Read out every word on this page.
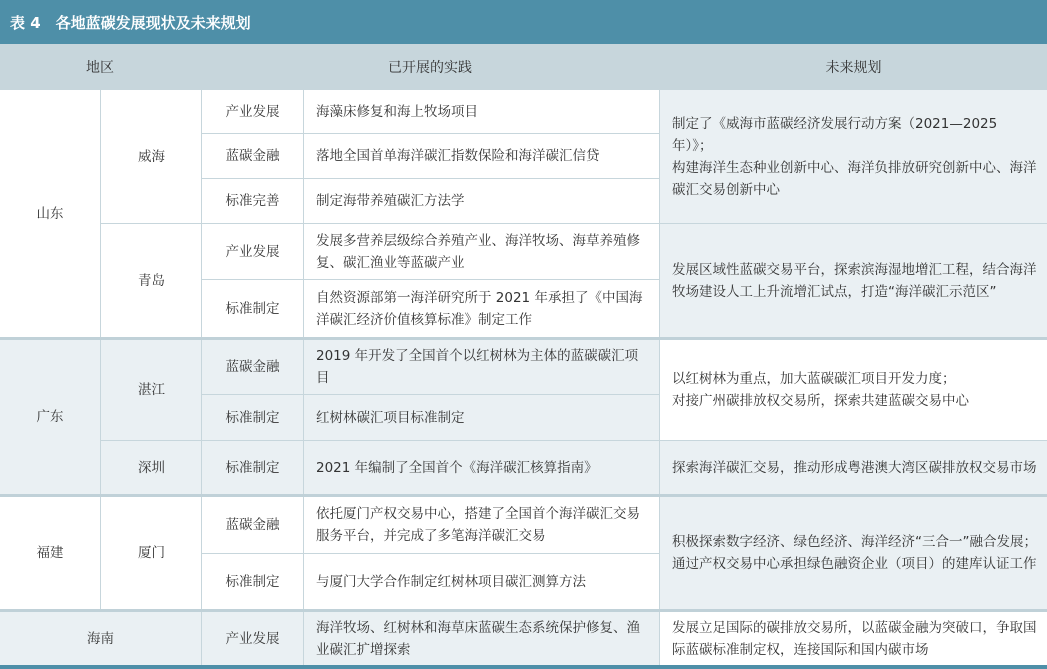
表 4　各地蓝碳发展现状及未来规划
地区	已开展的实践	未来规划
山东
广东
福建
海南
威海
青岛
湛江
深圳
厦门
产业发展
蓝碳金融
标准完善
产业发展
标准制定
蓝碳金融
标准制定
标准制定
蓝碳金融
标准制定
产业发展
海藻床修复和海上牧场项目
落地全国首单海洋碳汇指数保险和海洋碳汇信贷
制定海带养殖碳汇方法学
发展多营养层级综合养殖产业、海洋牧场、海草养殖修复、碳汇渔业等蓝碳产业
自然资源部第一海洋研究所于 2021 年承担了《中国海洋碳汇经济价值核算标准》制定工作
2019 年开发了全国首个以红树林为主体的蓝碳碳汇项目
红树林碳汇项目标准制定
2021 年编制了全国首个《海洋碳汇核算指南》
依托厦门产权交易中心，搭建了全国首个海洋碳汇交易服务平台，并完成了多笔海洋碳汇交易
与厦门大学合作制定红树林项目碳汇测算方法
海洋牧场、红树林和海草床蓝碳生态系统保护修复、渔业碳汇扩增探索
制定了《威海市蓝碳经济发展行动方案（2021—2025 年）》；
构建海洋生态种业创新中心、海洋负排放研究创新中心、海洋碳汇交易创新中心
发展区域性蓝碳交易平台，探索滨海湿地增汇工程，结合海洋牧场建设人工上升流增汇试点，打造“海洋碳汇示范区”
以红树林为重点，加大蓝碳碳汇项目开发力度；
对接广州碳排放权交易所，探索共建蓝碳交易中心
探索海洋碳汇交易，推动形成粤港澳大湾区碳排放权交易市场
积极探索数字经济、绿色经济、海洋经济“三合一”融合发展；
通过产权交易中心承担绿色融资企业（项目）的建库认证工作
发展立足国际的碳排放交易所，以蓝碳金融为突破口，争取国际蓝碳标准制定权，连接国际和国内碳市场
